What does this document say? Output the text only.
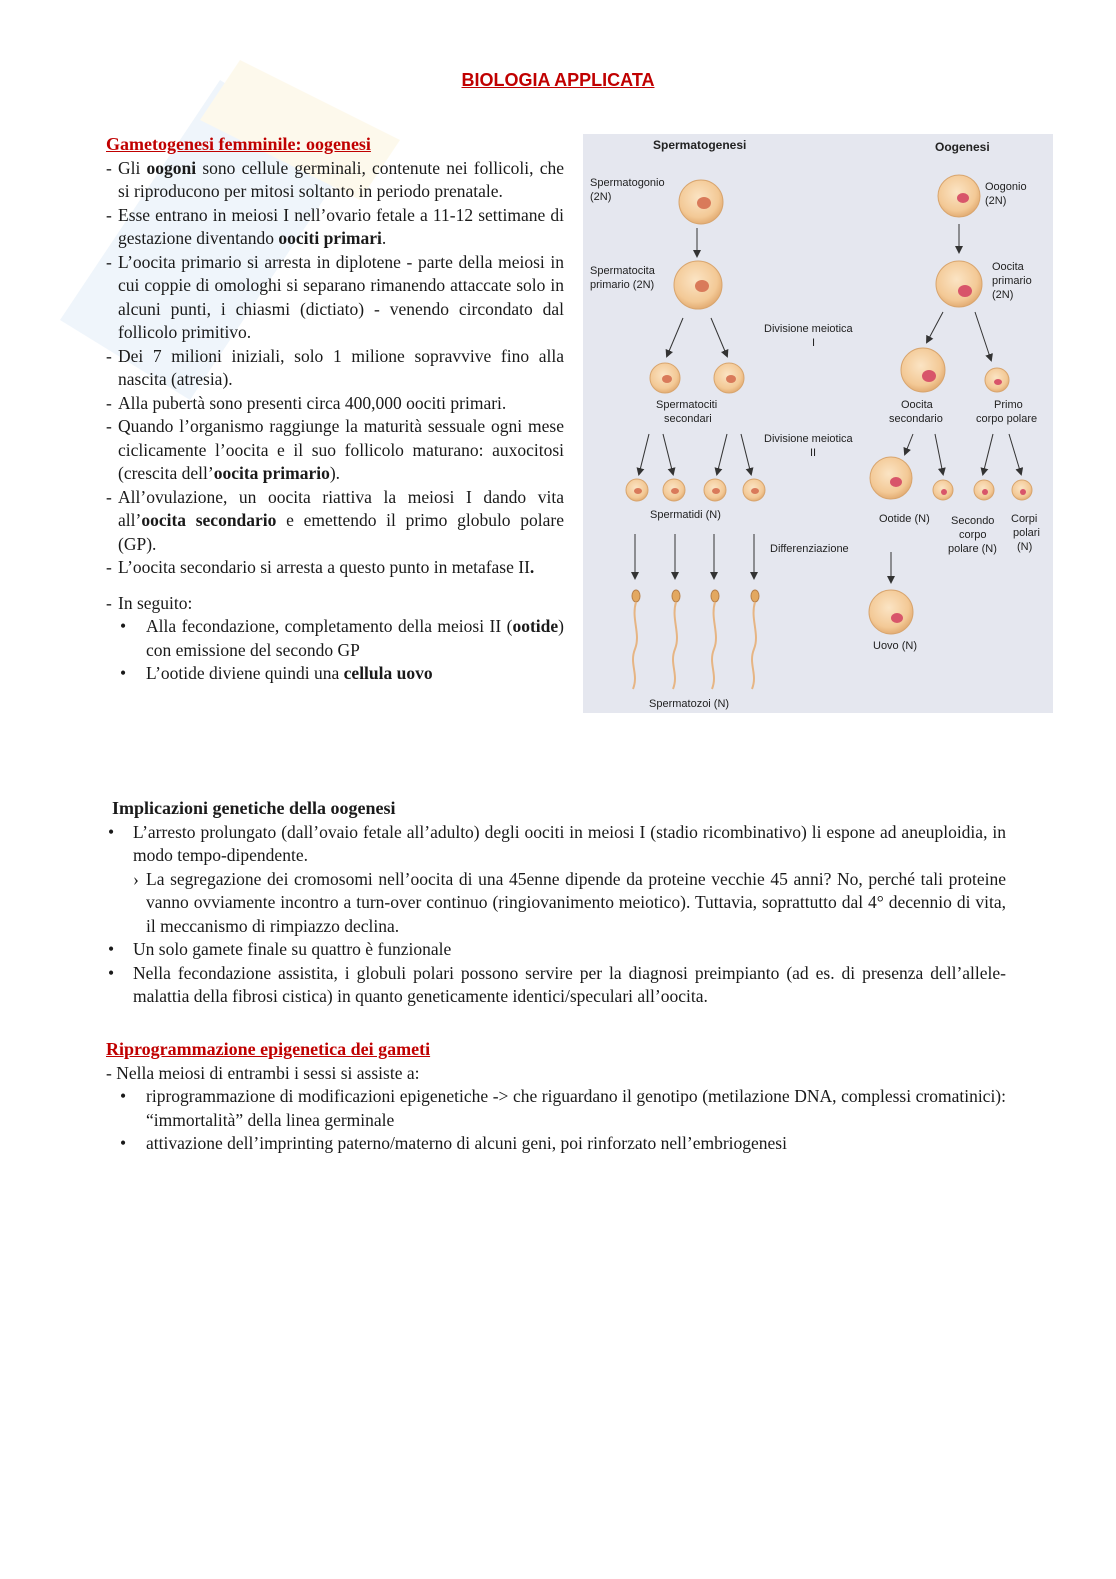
BIOLOGIA APPLICATA
Gametogenesi femminile: oogenesi
- Gli oogoni sono cellule germinali, contenute nei follicoli, che si riproducono per mitosi soltanto in periodo prenatale.
- Esse entrano in meiosi I nell’ovario fetale a 11-12 settimane di gestazione diventando oociti primari.
- L’oocita primario si arresta in diplotene - parte della meiosi in cui coppie di omologhi si separano rimanendo attaccate solo in alcuni punti, i chiasmi (dictiato) - venendo circondato dal follicolo primitivo.
- Dei 7 milioni iniziali, solo 1 milione sopravvive fino alla nascita (atresia).
- Alla pubertà sono presenti circa 400,000 oociti primari.
- Quando l’organismo raggiunge la maturità sessuale ogni mese ciclicamente l’oocita e il suo follicolo maturano: auxocitosi (crescita dell’oocita primario).
- All’ovulazione, un oocita riattiva la meiosi I dando vita all’oocita secondario e emettendo il primo globulo polare (GP).
- L’oocita secondario si arresta a questo punto in metafase II.
- In seguito:
• Alla fecondazione, completamento della meiosi II (ootide) con emissione del secondo GP
• L’ootide diviene quindi una cellula uovo
Spermatogenesi	Oogenesi
Spermatogonio
(2N)
Oogonio
(2N)
Spermatocita
primario (2N)
Oocita
primario
(2N)
Divisione meiotica
I
Spermatociti
secondari
Oocita
secondario
Primo
corpo polare
Divisione meiotica
II
Spermatidi (N)	Ootide (N) Secondo
corpo
polare (N)
Corpi
polari
(N)
Differenziazione
Uovo (N)
Spermatozoi (N)
Implicazioni genetiche della oogenesi
• L’arresto prolungato (dall’ovaio fetale all’adulto) degli oociti in meiosi I (stadio ricombinativo) li espone ad aneuploidia, in modo tempo-dipendente.
› La segregazione dei cromosomi nell’oocita di una 45enne dipende da proteine vecchie 45 anni? No, perché tali proteine vanno ovviamente incontro a turn-over continuo (ringiovanimento meiotico). Tuttavia, soprattutto dal 4° decennio di vita, il meccanismo di rimpiazzo declina.
• Un solo gamete finale su quattro è funzionale
• Nella fecondazione assistita, i globuli polari possono servire per la diagnosi preimpianto (ad es. di presenza dell’allele-malattia della fibrosi cistica) in quanto geneticamente identici/speculari all’oocita.
Riprogrammazione epigenetica dei gameti
- Nella meiosi di entrambi i sessi si assiste a:
• riprogrammazione di modificazioni epigenetiche -> che riguardano il genotipo (metilazione DNA, complessi cromatinici): “immortalità” della linea germinale
• attivazione dell’imprinting paterno/materno di alcuni geni, poi rinforzato nell’embriogenesi
